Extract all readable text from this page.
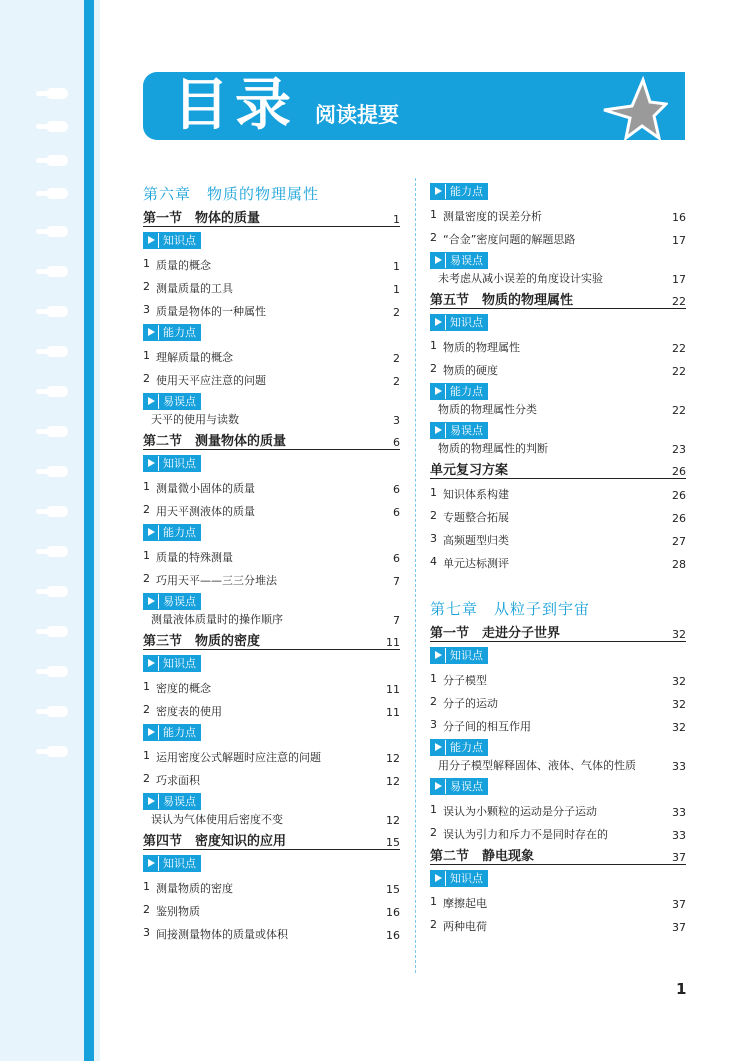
目录 阅读提要
第六章　物质的物理属性
第一节　物体的质量	1
知识点
1 质量的概念	1
2 测量质量的工具	1
3 质量是物体的一种属性	2
能力点
1 理解质量的概念	2
2 使用天平应注意的问题	2
易误点
天平的使用与读数	3
第二节　测量物体的质量	6
知识点
1 测量微小固体的质量	6
2 用天平测液体的质量	6
能力点
1 质量的特殊测量	6
2 巧用天平——三三分堆法	7
易误点
测量液体质量时的操作顺序	7
第三节　物质的密度	11
知识点
1 密度的概念	11
2 密度表的使用	11
能力点
1 运用密度公式解题时应注意的问题	12
2 巧求面积	12
易误点
误认为气体使用后密度不变	12
第四节　密度知识的应用	15
知识点
1 测量物质的密度	15
2 鉴别物质	16
3 间接测量物体的质量或体积	16
能力点
1 测量密度的误差分析	16
2 “合金”密度问题的解题思路	17
易误点
未考虑从减小误差的角度设计实验	17
第五节　物质的物理属性	22
知识点
1 物质的物理属性	22
2 物质的硬度	22
能力点
物质的物理属性分类	22
易误点
物质的物理属性的判断	23
单元复习方案	26
1 知识体系构建	26
2 专题整合拓展	26
3 高频题型归类	27
4 单元达标测评	28
第七章　从粒子到宇宙
第一节　走进分子世界	32
知识点
1 分子模型	32
2 分子的运动	32
3 分子间的相互作用	32
能力点
用分子模型解释固体、液体、气体的性质	33
易误点
1 误认为小颗粒的运动是分子运动	33
2 误认为引力和斥力不是同时存在的	33
第二节　静电现象	37
知识点
1 摩擦起电	37
2 两种电荷	37
1
